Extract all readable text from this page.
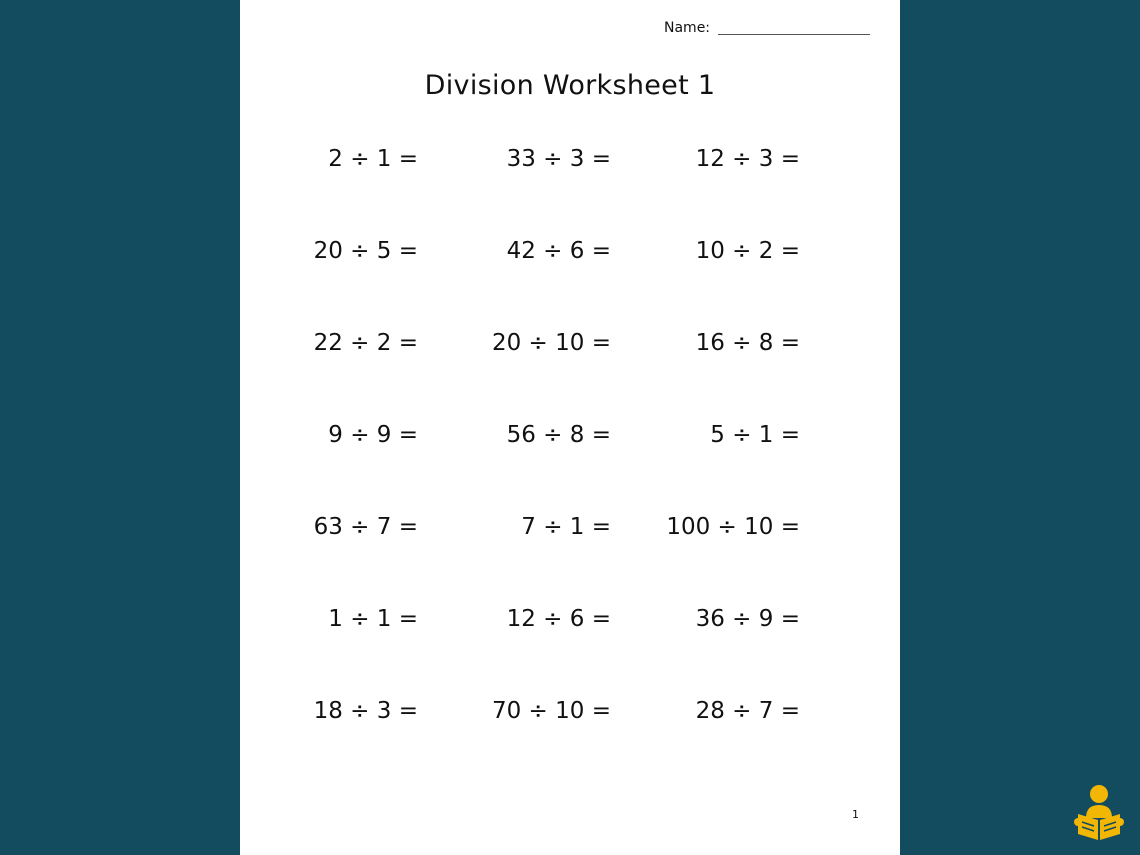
Name:
Division Worksheet 1
2 ÷ 1 =
20 ÷ 5 =
22 ÷ 2 =
9 ÷ 9 =
63 ÷ 7 =
1 ÷ 1 =
18 ÷ 3 =
33 ÷ 3 =
42 ÷ 6 =
20 ÷ 10 =
56 ÷ 8 =
7 ÷ 1 =
12 ÷ 6 =
70 ÷ 10 =
12 ÷ 3 =
10 ÷ 2 =
16 ÷ 8 =
5 ÷ 1 =
100 ÷ 10 =
36 ÷ 9 =
28 ÷ 7 =
1
